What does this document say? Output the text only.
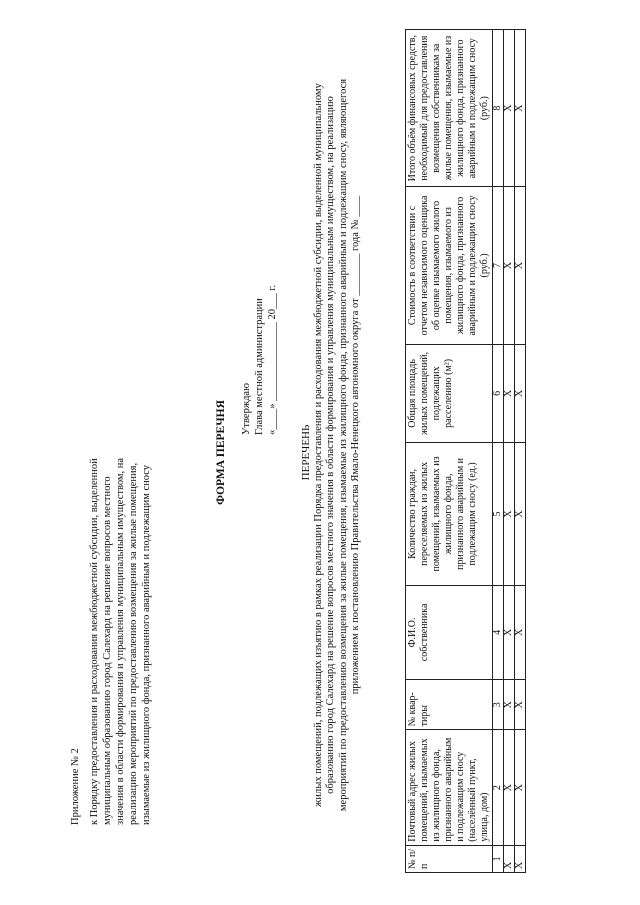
Приложение № 2 к Порядку предоставления и расходования межбюджетной субсидии, выделенной муниципальным образованию город Салехард на решение вопросов местного значения в области формирования и управления муниципальным имуществом, на реализацию мероприятий по предоставлению возмещения за жилые помещения, изымаемые из жилищного фонда, признанного аварийным и подлежащим сносу
ФОРМА ПЕРЕЧНЯ Утверждаю Глава местной администрации «____» _______________ 20___ г.
ПЕРЕЧЕНЬ жилых помещений, подлежащих изъятию в рамках реализации Порядка предоставления и расходования межбюджетной субсидии, выделенной муниципальному образованию город Салехард на решение вопросов местного значения в области формирования и управления муниципальным имуществом, на реализацию мероприятий по предоставлению возмещения за жилые помещения, изымаемые из жилищного фонда, признанного аварийным и подлежащим сносу, являющегося приложением к постановлению Правительства Ямало-Ненецкого автономного округа от ________ года № ____
№ п/п	Почтовый адрес жилых помещений, изымаемых из жилищного фонда, признанного аварийным и подлежащим сносу (населённый пункт, улица, дом)	№ квар-тиры	Ф.И.О. собственника	Количество граждан, переселяемых из жилых помещений, изымаемых из жилищного фонда, признанного аварийным и подлежащим сносу (ед.)	Общая площадь жилых помещений, подлежащих расселению (м²)	Стоимость в соответствии с отчетом независимого оценщика об оценке изымаемого жилого помещения, изымаемого из жилищного фонда, признанного аварийным и подлежащим сносу (руб.)	Итого объём финансовых средств, необходимый для предоставления возмещения собственникам за жилые помещения, изымаемые из жилищного фонда, признанного аварийным и подлежащим сносу (руб.)
1	2	3	4	5	6	7	8
Х	Х	Х	Х	Х	Х	Х	Х
Х	Х	Х	Х	Х	Х	Х	Х
